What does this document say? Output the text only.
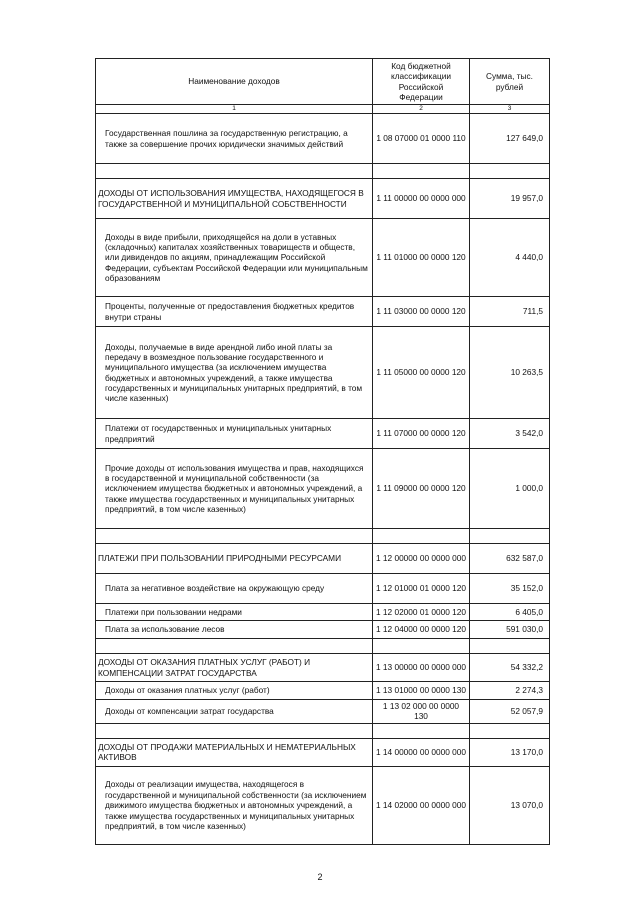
Наименование доходов	Код бюджетной классификации Российской Федерации	Сумма, тыс. рублей
1	2	3
Государственная пошлина за государственную регистрацию, а также за совершение прочих юридически значимых действий	1 08 07000 01 0000 110	127 649,0

ДОХОДЫ ОТ ИСПОЛЬЗОВАНИЯ ИМУЩЕСТВА, НАХОДЯЩЕГОСЯ В ГОСУДАРСТВЕННОЙ И МУНИЦИПАЛЬНОЙ СОБСТВЕННОСТИ	1 11 00000 00 0000 000	19 957,0
Доходы в виде прибыли, приходящейся на доли в уставных (складочных) капиталах хозяйственных товариществ и обществ, или дивидендов по акциям, принадлежащим Российской Федерации, субъектам Российской Федерации или муниципальным образованиям	1 11 01000 00 0000 120	4 440,0
Проценты, полученные от предоставления бюджетных кредитов внутри страны	1 11 03000 00 0000 120	711,5
Доходы, получаемые в виде арендной либо иной платы за передачу в возмездное пользование государственного и муниципального имущества (за исключением имущества бюджетных и автономных учреждений, а также имущества государственных и муниципальных унитарных предприятий, в том числе казенных)	1 11 05000 00 0000 120	10 263,5
Платежи от государственных и муниципальных унитарных предприятий	1 11 07000 00 0000 120	3 542,0
Прочие доходы от использования имущества и прав, находящихся в государственной и муниципальной собственности (за исключением имущества бюджетных и автономных учреждений, а также имущества государственных и муниципальных унитарных предприятий, в том числе казенных)	1 11 09000 00 0000 120	1 000,0

ПЛАТЕЖИ ПРИ ПОЛЬЗОВАНИИ ПРИРОДНЫМИ РЕСУРСАМИ	1 12 00000 00 0000 000	632 587,0
Плата за негативное воздействие на окружающую среду	1 12 01000 01 0000 120	35 152,0
Платежи при пользовании недрами	1 12 02000 01 0000 120	6 405,0
Плата за использование лесов	1 12 04000 00 0000 120	591 030,0

ДОХОДЫ ОТ ОКАЗАНИЯ ПЛАТНЫХ УСЛУГ (РАБОТ) И КОМПЕНСАЦИИ ЗАТРАТ ГОСУДАРСТВА	1 13 00000 00 0000 000	54 332,2
Доходы от оказания платных услуг (работ)	1 13 01000 00 0000 130	2 274,3
Доходы от компенсации затрат государства	1 13 02 000 00 0000 130	52 057,9

ДОХОДЫ ОТ ПРОДАЖИ МАТЕРИАЛЬНЫХ И НЕМАТЕРИАЛЬНЫХ АКТИВОВ	1 14 00000 00 0000 000	13 170,0
Доходы от реализации имущества, находящегося в государственной и муниципальной собственности (за исключением движимого имущества бюджетных и автономных учреждений, а также имущества государственных и муниципальных унитарных предприятий, в том числе казенных)	1 14 02000 00 0000 000	13 070,0
2
